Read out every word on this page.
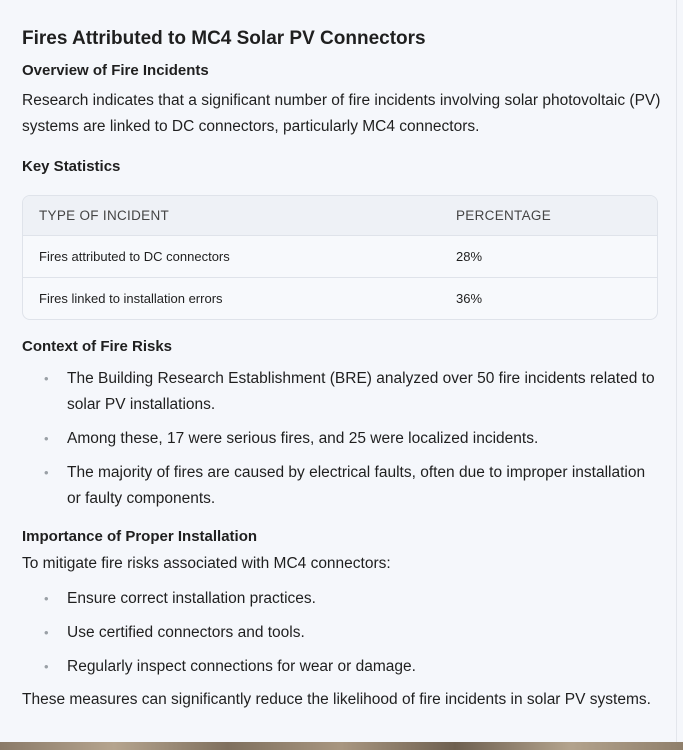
Fires Attributed to MC4 Solar PV Connectors
Overview of Fire Incidents

Research indicates that a significant number of fire incidents involving solar photovoltaic (PV) systems are linked to DC connectors, particularly MC4 connectors.

Key Statistics
TYPE OF INCIDENT	PERCENTAGE
Fires attributed to DC connectors	28%
Fires linked to installation errors	36%
Context of Fire Risks
• The Building Research Establishment (BRE) analyzed over 50 fire incidents related to solar PV installations.
• Among these, 17 were serious fires, and 25 were localized incidents.
• The majority of fires are caused by electrical faults, often due to improper installation or faulty components.
Importance of Proper Installation

To mitigate fire risks associated with MC4 connectors:

• Ensure correct installation practices.
• Use certified connectors and tools.
• Regularly inspect connections for wear or damage.

These measures can significantly reduce the likelihood of fire incidents in solar PV systems.
